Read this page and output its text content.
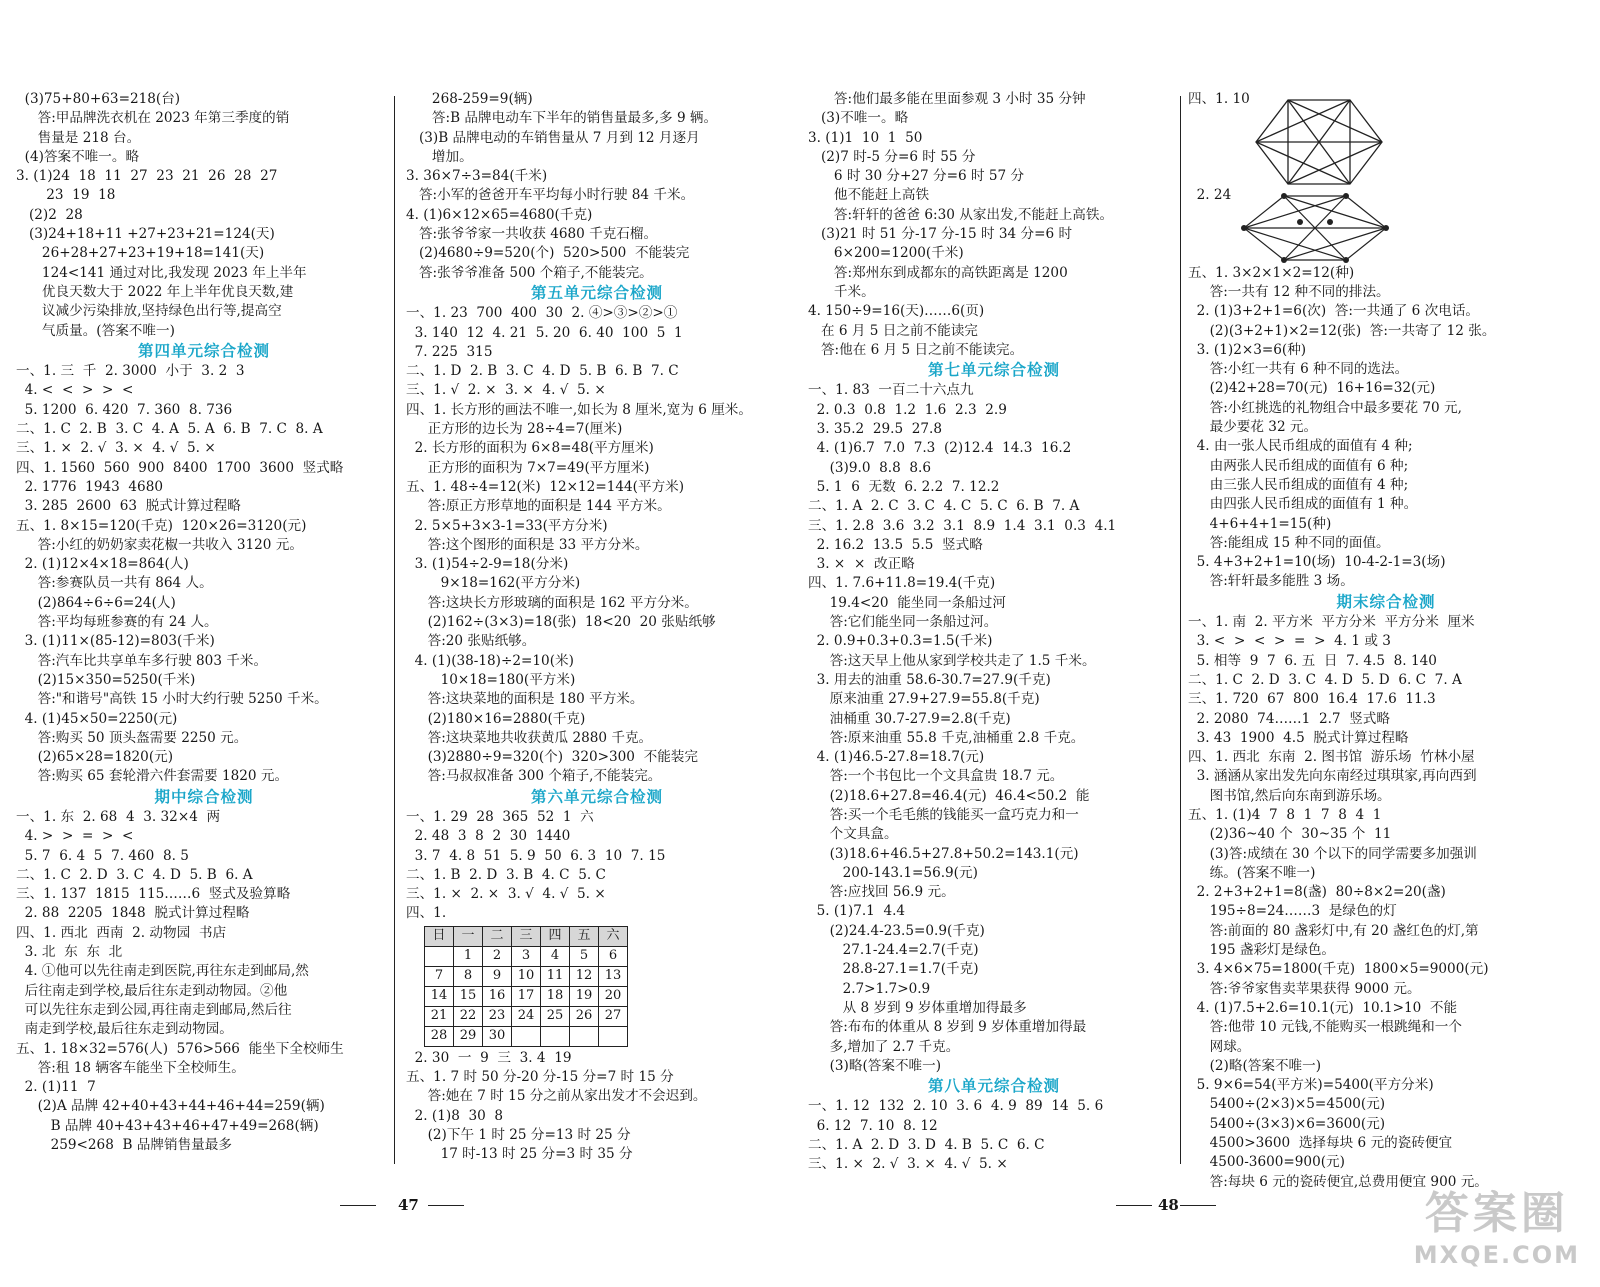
(3)75+80+63=218(台)
答:甲品牌洗衣机在 2023 年第三季度的销
售量是 218 台。
(4)答案不唯一。略
3. (1)24  18  11  27  23  21  26  28  27
23  19  18
(2)2  28
(3)24+18+11 +27+23+21=124(天)
26+28+27+23+19+18=141(天)
124<141 通过对比,我发现 2023 年上半年
优良天数大于 2022 年上半年优良天数,建
议减少污染排放,坚持绿色出行等,提高空
气质量。(答案不唯一)
第四单元综合检测
一、1. 三  千  2. 3000  小于  3. 2  3
4. <  <  >  >  <
5. 1200  6. 420  7. 360  8. 736
二、1. C  2. B  3. C  4. A  5. A  6. B  7. C  8. A
三、1. ×  2. √  3. ×  4. √  5. ×
四、1. 1560  560  900  8400  1700  3600  竖式略
2. 1776  1943  4680
3. 285  2600  63  脱式计算过程略
五、1. 8×15=120(千克)  120×26=3120(元)
答:小红的奶奶家卖花椒一共收入 3120 元。
2. (1)12×4×18=864(人)
答:参赛队员一共有 864 人。
(2)864÷6÷6=24(人)
答:平均每班参赛的有 24 人。
3. (1)11×(85-12)=803(千米)
答:汽车比共享单车多行驶 803 千米。
(2)15×350=5250(千米)
答:"和谐号"高铁 15 小时大约行驶 5250 千米。
4. (1)45×50=2250(元)
答:购买 50 顶头盔需要 2250 元。
(2)65×28=1820(元)
答:购买 65 套轮滑六件套需要 1820 元。
期中综合检测
一、1. 东  2. 68  4  3. 32×4  两
4. >  >  =  >  <
5. 7  6. 4  5  7. 460  8. 5
二、1. C  2. D  3. C  4. D  5. B  6. A
三、1. 137  1815  115……6  竖式及验算略
2. 88  2205  1848  脱式计算过程略
四、1. 西北  西南  2. 动物园  书店
3. 北  东  东  北
4. ①他可以先往南走到医院,再往东走到邮局,然
后往南走到学校,最后往东走到动物园。②他
可以先往东走到公园,再往南走到邮局,然后往
南走到学校,最后往东走到动物园。
五、1. 18×32=576(人)  576>566  能坐下全校师生
答:租 18 辆客车能坐下全校师生。
2. (1)11  7
(2)A 品牌 42+40+43+44+46+44=259(辆)
B 品牌 40+43+43+46+47+49=268(辆)
259<268  B 品牌销售量最多
268-259=9(辆)
答:B 品牌电动车下半年的销售量最多,多 9 辆。
(3)B 品牌电动的车销售量从 7 月到 12 月逐月
增加。
3. 36×7÷3=84(千米)
答:小军的爸爸开车平均每小时行驶 84 千米。
4. (1)6×12×65=4680(千克)
答:张爷爷家一共收获 4680 千克石榴。
(2)4680÷9=520(个)  520>500  不能装完
答:张爷爷准备 500 个箱子,不能装完。
第五单元综合检测
一、1. 23  700  400  30  2. ④>③>②>①
3. 140  12  4. 21  5. 20  6. 40  100  5  1
7. 225  315
二、1. D  2. B  3. C  4. D  5. B  6. B  7. C
三、1. √  2. ×  3. ×  4. √  5. ×
四、1. 长方形的画法不唯一,如长为 8 厘米,宽为 6 厘米。
正方形的边长为 28÷4=7(厘米)
2. 长方形的面积为 6×8=48(平方厘米)
正方形的面积为 7×7=49(平方厘米)
五、1. 48÷4=12(米)  12×12=144(平方米)
答:原正方形草地的面积是 144 平方米。
2. 5×5+3×3-1=33(平方分米)
答:这个图形的面积是 33 平方分米。
3. (1)54÷2-9=18(分米)
9×18=162(平方分米)
答:这块长方形玻璃的面积是 162 平方分米。
(2)162÷(3×3)=18(张)  18<20  20 张贴纸够
答:20 张贴纸够。
4. (1)(38-18)÷2=10(米)
10×18=180(平方米)
答:这块菜地的面积是 180 平方米。
(2)180×16=2880(千克)
答:这块菜地共收获黄瓜 2880 千克。
(3)2880÷9=320(个)  320>300  不能装完
答:马叔叔准备 300 个箱子,不能装完。
第六单元综合检测
一、1. 29  28  365  52  1  六
2. 48  3  8  2  30  1440
3. 7  4. 8  51  5. 9  50  6. 3  10  7. 15
二、1. B  2. D  3. B  4. C  5. C
三、1. ×  2. ×  3. √  4. √  5. ×
四、1.
日	一	二	三	四	五	六
	1	2	3	4	5	6
7	8	9	10	11	12	13
14	15	16	17	18	19	20
21	22	23	24	25	26	27
28	29	30				
2. 30  一  9  三  3. 4  19
五、1. 7 时 50 分-20 分-15 分=7 时 15 分
答:她在 7 时 15 分之前从家出发才不会迟到。
2. (1)8  30  8
(2)下午 1 时 25 分=13 时 25 分
17 时-13 时 25 分=3 时 35 分
答:他们最多能在里面参观 3 小时 35 分钟
(3)不唯一。略
3. (1)1  10  1  50
(2)7 时-5 分=6 时 55 分
6 时 30 分+27 分=6 时 57 分
他不能赶上高铁
答:轩轩的爸爸 6:30 从家出发,不能赶上高铁。
(3)21 时 51 分-17 分-15 时 34 分=6 时
6×200=1200(千米)
答:郑州东到成都东的高铁距离是 1200
千米。
4. 150÷9=16(天)……6(页)
在 6 月 5 日之前不能读完
答:他在 6 月 5 日之前不能读完。
第七单元综合检测
一、1. 83  一百二十六点九
2. 0.3  0.8  1.2  1.6  2.3  2.9
3. 35.2  29.5  27.8
4. (1)6.7  7.0  7.3  (2)12.4  14.3  16.2
(3)9.0  8.8  8.6
5. 1  6  无数  6. 2.2  7. 12.2
二、1. A  2. C  3. C  4. C  5. C  6. B  7. A
三、1. 2.8  3.6  3.2  3.1  8.9  1.4  3.1  0.3  4.1
2. 16.2  13.5  5.5  竖式略
3. ×  ×  改正略
四、1. 7.6+11.8=19.4(千克)
19.4<20  能坐同一条船过河
答:它们能坐同一条船过河。
2. 0.9+0.3+0.3=1.5(千米)
答:这天早上他从家到学校共走了 1.5 千米。
3. 用去的油重 58.6-30.7=27.9(千克)
原来油重 27.9+27.9=55.8(千克)
油桶重 30.7-27.9=2.8(千克)
答:原来油重 55.8 千克,油桶重 2.8 千克。
4. (1)46.5-27.8=18.7(元)
答:一个书包比一个文具盒贵 18.7 元。
(2)18.6+27.8=46.4(元)  46.4<50.2  能
答:买一个毛毛熊的钱能买一盒巧克力和一
个文具盒。
(3)18.6+46.5+27.8+50.2=143.1(元)
200-143.1=56.9(元)
答:应找回 56.9 元。
5. (1)7.1  4.4
(2)24.4-23.5=0.9(千克)
27.1-24.4=2.7(千克)
28.8-27.1=1.7(千克)
2.7>1.7>0.9
从 8 岁到 9 岁体重增加得最多
答:布布的体重从 8 岁到 9 岁体重增加得最
多,增加了 2.7 千克。
(3)略(答案不唯一)
第八单元综合检测
一、1. 12  132  2. 10  3. 6  4. 9  89  14  5. 6
6. 12  7. 10  8. 12
二、1. A  2. D  3. D  4. B  5. C  6. C
三、1. ×  2. √  3. ×  4. √  5. ×
四、1. 10

2. 24

五、1. 3×2×1×2=12(种)
答:一共有 12 种不同的排法。
2. (1)3+2+1=6(次)  答:一共通了 6 次电话。
(2)(3+2+1)×2=12(张)  答:一共寄了 12 张。
3. (1)2×3=6(种)
答:小红一共有 6 种不同的选法。
(2)42+28=70(元)  16+16=32(元)
答:小红挑选的礼物组合中最多要花 70 元,
最少要花 32 元。
4. 由一张人民币组成的面值有 4 种;
由两张人民币组成的面值有 6 种;
由三张人民币组成的面值有 4 种;
由四张人民币组成的面值有 1 种。
4+6+4+1=15(种)
答:能组成 15 种不同的面值。
5. 4+3+2+1=10(场)  10-4-2-1=3(场)
答:轩轩最多能胜 3 场。
期末综合检测
一、1. 南  2. 平方米  平方分米  平方分米  厘米
3. <  >  <  >  =  >  4. 1 或 3
5. 相等  9  7  6. 五  日  7. 4.5  8. 140
二、1. C  2. D  3. C  4. D  5. D  6. C  7. A
三、1. 720  67  800  16.4  17.6  11.3
2. 2080  74……1  2.7  竖式略
3. 43  1900  4.5  脱式计算过程略
四、1. 西北  东南  2. 图书馆  游乐场  竹林小屋
3. 涵涵从家出发先向东南经过琪琪家,再向西到
图书馆,然后向东南到游乐场。
五、1. (1)4  7  8  1  7  8  4  1
(2)36~40 个  30~35 个  11
(3)答:成绩在 30 个以下的同学需要多加强训
练。(答案不唯一)
2. 2+3+2+1=8(盏)  80÷8×2=20(盏)
195÷8=24……3  是绿色的灯
答:前面的 80 盏彩灯中,有 20 盏红色的灯,第
195 盏彩灯是绿色。
3. 4×6×75=1800(千克)  1800×5=9000(元)
答:爷爷家售卖苹果获得 9000 元。
4. (1)7.5+2.6=10.1(元)  10.1>10  不能
答:他带 10 元钱,不能购买一根跳绳和一个
网球。
(2)略(答案不唯一)
5. 9×6=54(平方米)=5400(平方分米)
5400÷(2×3)×5=4500(元)
5400÷(3×3)×6=3600(元)
4500>3600  选择每块 6 元的瓷砖便宜
4500-3600=900(元)
答:每块 6 元的瓷砖便宜,总费用便宜 900 元。
47	48	答案圈
MXQE.COM
